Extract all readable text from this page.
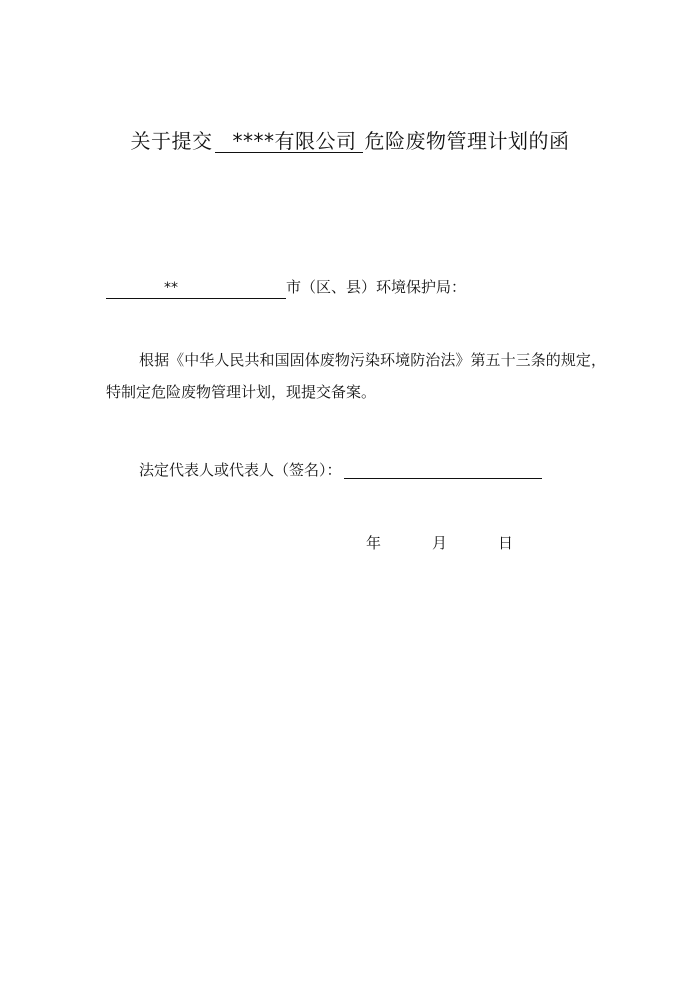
关于提交 ****有限公司 危险废物管理计划的函
**	市（区、县）环境保护局：
根据《中华人民共和国固体废物污染环境防治法》第五十三条的规定，特制定危险废物管理计划，现提交备案。
法定代表人或代表人（签名）：
年	月	日
